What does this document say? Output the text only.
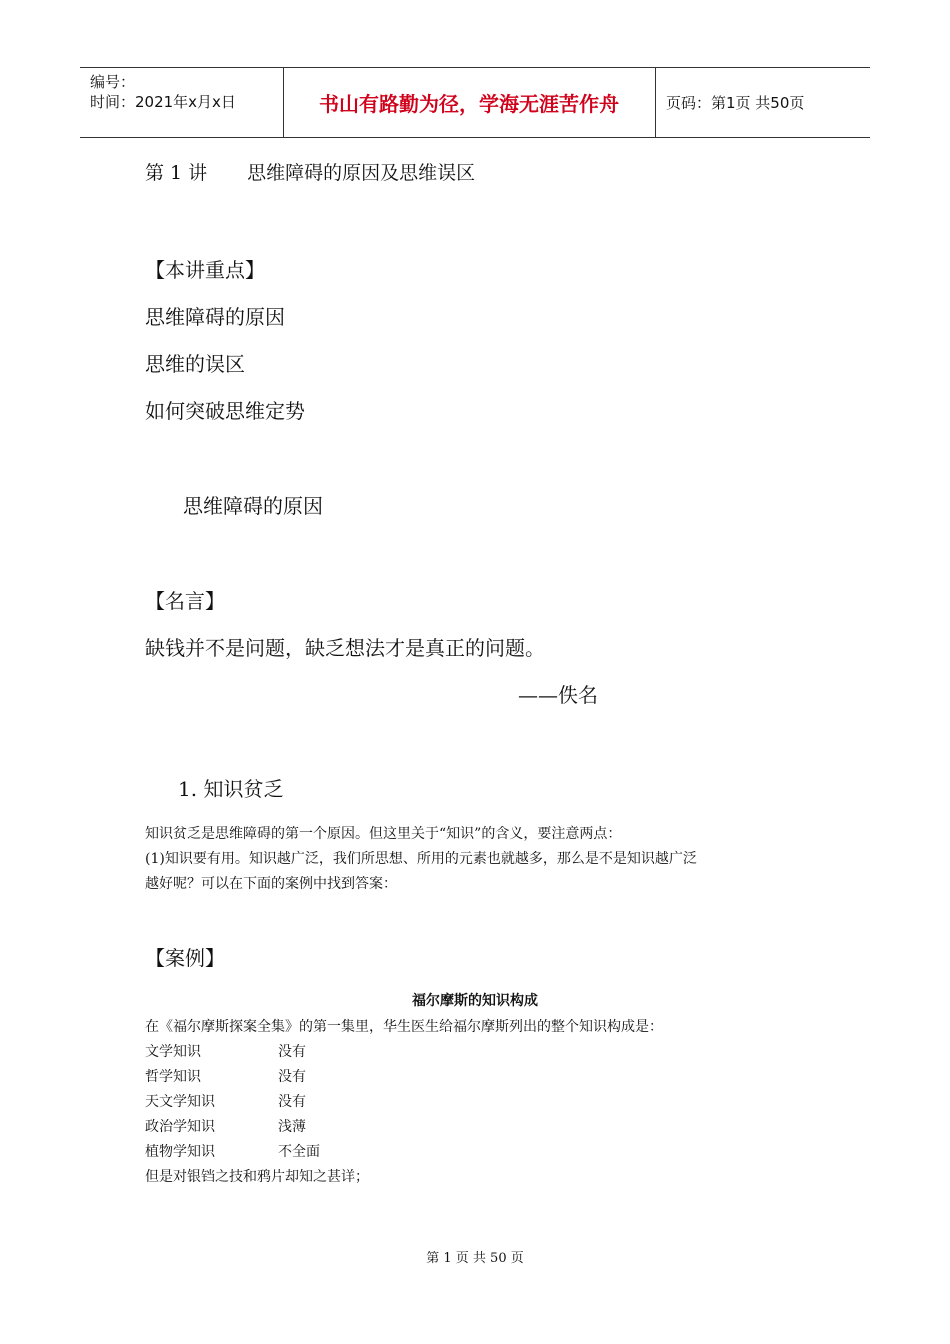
编号：
时间：2021年x月x日	书山有路勤为径，学海无涯苦作舟	页码：第1页 共50页
第 1 讲 思维障碍的原因及思维误区
【本讲重点】
思维障碍的原因
思维的误区
如何突破思维定势
思维障碍的原因
【名言】
缺钱并不是问题，缺乏想法才是真正的问题。
——佚名
1. 知识贫乏
知识贫乏是思维障碍的第一个原因。但这里关于“知识”的含义，要注意两点：
(1)知识要有用。知识越广泛，我们所思想、所用的元素也就越多，那么是不是知识越广泛
越好呢？可以在下面的案例中找到答案：
【案例】
福尔摩斯的知识构成
在《福尔摩斯探案全集》的第一集里，华生医生给福尔摩斯列出的整个知识构成是：
文学知识	没有
哲学知识	没有
天文学知识	没有
政治学知识	浅薄
植物学知识	不全面
但是对银铛之技和鸦片却知之甚详；
第 1 页 共 50 页
